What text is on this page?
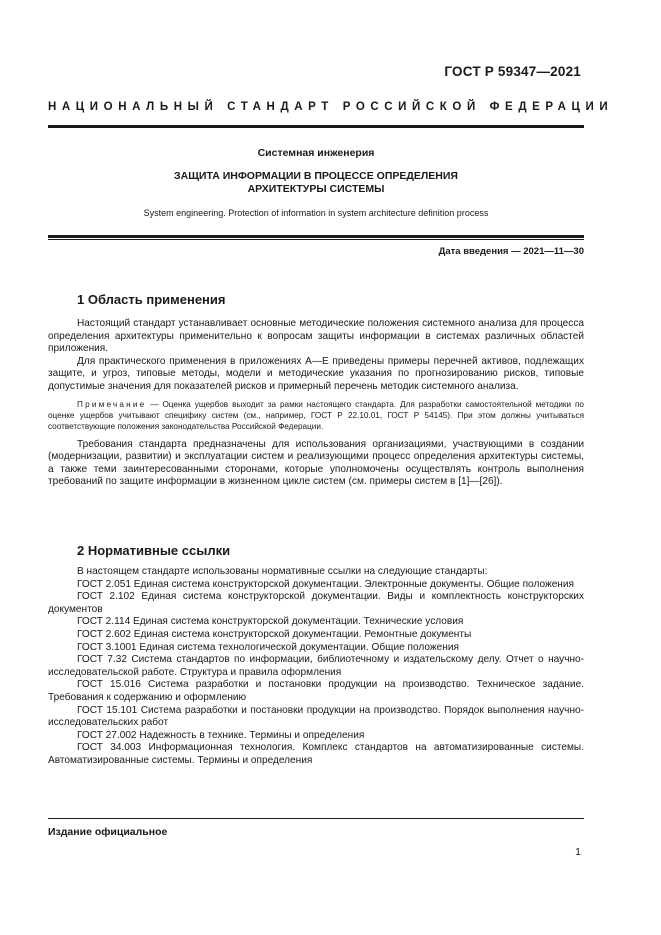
ГОСТ Р 59347—2021
НАЦИОНАЛЬНЫЙ СТАНДАРТ РОССИЙСКОЙ ФЕДЕРАЦИИ
Системная инженерия
ЗАЩИТА ИНФОРМАЦИИ В ПРОЦЕССЕ ОПРЕДЕЛЕНИЯ
АРХИТЕКТУРЫ СИСТЕМЫ
System engineering. Protection of information in system architecture definition process
Дата введения — 2021—11—30
1 Область применения

Настоящий стандарт устанавливает основные методические положения системного анализа для процесса определения архитектуры применительно к вопросам защиты информации в системах различных областей приложения.

Для практического применения в приложениях А—Е приведены примеры перечней активов, подлежащих защите, и угроз, типовые методы, модели и методические указания по прогнозированию рисков, типовые допустимые значения для показателей рисков и примерный перечень методик системного анализа.

Примечание — Оценка ущербов выходит за рамки настоящего стандарта. Для разработки самостоятельной методики по оценке ущербов учитывают специфику систем (см., например, ГОСТ Р 22.10.01, ГОСТ Р 54145). При этом должны учитываться соответствующие положения законодательства Российской Федерации.

Требования стандарта предназначены для использования организациями, участвующими в создании (модернизации, развитии) и эксплуатации систем и реализующими процесс определения архитектуры системы, а также теми заинтересованными сторонами, которые уполномочены осуществлять контроль выполнения требований по защите информации в жизненном цикле систем (см. примеры систем в [1]—[26]).

2 Нормативные ссылки

В настоящем стандарте использованы нормативные ссылки на следующие стандарты:

ГОСТ 2.051 Единая система конструкторской документации. Электронные документы. Общие положения

ГОСТ 2.102 Единая система конструкторской документации. Виды и комплектность конструкторских документов

ГОСТ 2.114 Единая система конструкторской документации. Технические условия

ГОСТ 2.602 Единая система конструкторской документации. Ремонтные документы

ГОСТ 3.1001 Единая система технологической документации. Общие положения

ГОСТ 7.32 Система стандартов по информации, библиотечному и издательскому делу. Отчет о научно-исследовательской работе. Структура и правила оформления

ГОСТ 15.016 Система разработки и постановки продукции на производство. Техническое задание. Требования к содержанию и оформлению

ГОСТ 15.101 Система разработки и постановки продукции на производство. Порядок выполнения научно-исследовательских работ

ГОСТ 27.002 Надежность в технике. Термины и определения

ГОСТ 34.003 Информационная технология. Комплекс стандартов на автоматизированные системы. Автоматизированные системы. Термины и определения

Издание официальное
1
